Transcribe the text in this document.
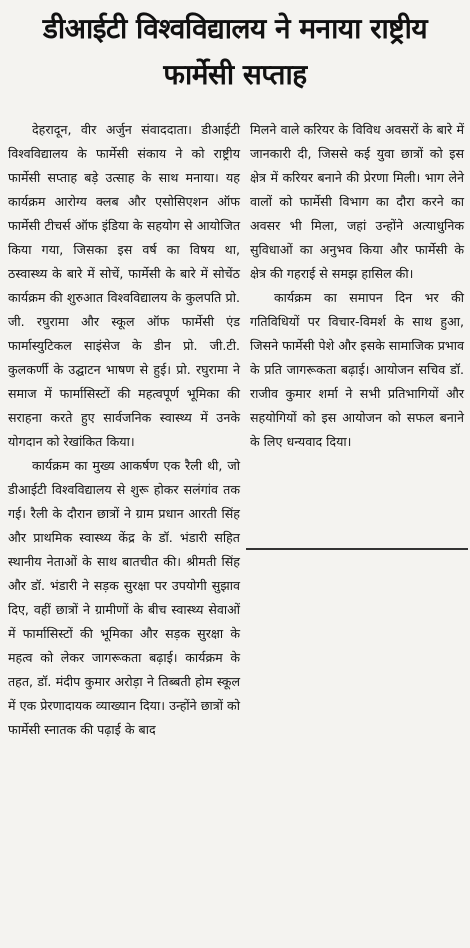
डीआईटी विश्वविद्यालय ने मनाया राष्ट्रीय
फार्मेसी सप्ताह

देहरादून, वीर अर्जुन संवाददाता। डीआईटी विश्वविद्यालय के फार्मेसी संकाय ने को राष्ट्रीय फार्मेसी सप्ताह बड़े उत्साह के साथ मनाया। यह कार्यक्रम आरोग्य क्लब और एसोसिएशन ऑफ फार्मेसी टीचर्स ऑफ इंडिया के सहयोग से आयोजित किया गया, जिसका इस वर्ष का विषय था, ठस्वास्थ्य के बारे में सोचें, फार्मेसी के बारे में सोचेंठ कार्यक्रम की शुरुआत विश्वविद्यालय के कुलपति प्रो. जी. रघुरामा और स्कूल ऑफ फार्मेसी एंड फार्मास्युटिकल साइंसेज के डीन प्रो. जी.टी. कुलकर्णी के उद्घाटन भाषण से हुई। प्रो. रघुरामा ने समाज में फार्मासिस्टों की महत्वपूर्ण भूमिका की सराहना करते हुए सार्वजनिक स्वास्थ्य में उनके योगदान को रेखांकित किया।

कार्यक्रम का मुख्य आकर्षण एक रैली थी, जो डीआईटी विश्वविद्यालय से शुरू होकर सलंगांव तक गई। रैली के दौरान छात्रों ने ग्राम प्रधान आरती सिंह और प्राथमिक स्वास्थ्य केंद्र के डॉ. भंडारी सहित स्थानीय नेताओं के साथ बातचीत की। श्रीमती सिंह और डॉ. भंडारी ने सड़क सुरक्षा पर उपयोगी सुझाव दिए, वहीं छात्रों ने ग्रामीणों के बीच स्वास्थ्य सेवाओं में फार्मासिस्टों की भूमिका और सड़क सुरक्षा के महत्व को लेकर जागरूकता बढ़ाई। कार्यक्रम के तहत, डॉ. मंदीप कुमार अरोड़ा ने तिब्बती होम स्कूल में एक प्रेरणादायक व्याख्यान दिया। उन्होंने छात्रों को फार्मेसी स्नातक की पढ़ाई के बाद

मिलने वाले करियर के विविध अवसरों के बारे में जानकारी दी, जिससे कई युवा छात्रों को इस क्षेत्र में करियर बनाने की प्रेरणा मिली। भाग लेने वालों को फार्मेसी विभाग का दौरा करने का अवसर भी मिला, जहां उन्होंने अत्याधुनिक सुविधाओं का अनुभव किया और फार्मेसी के क्षेत्र की गहराई से समझ हासिल की।

कार्यक्रम का समापन दिन भर की गतिविधियों पर विचार-विमर्श के साथ हुआ, जिसने फार्मेसी पेशे और इसके सामाजिक प्रभाव के प्रति जागरूकता बढ़ाई। आयोजन सचिव डॉ. राजीव कुमार शर्मा ने सभी प्रतिभागियों और सहयोगियों को इस आयोजन को सफल बनाने के लिए धन्यवाद दिया।
